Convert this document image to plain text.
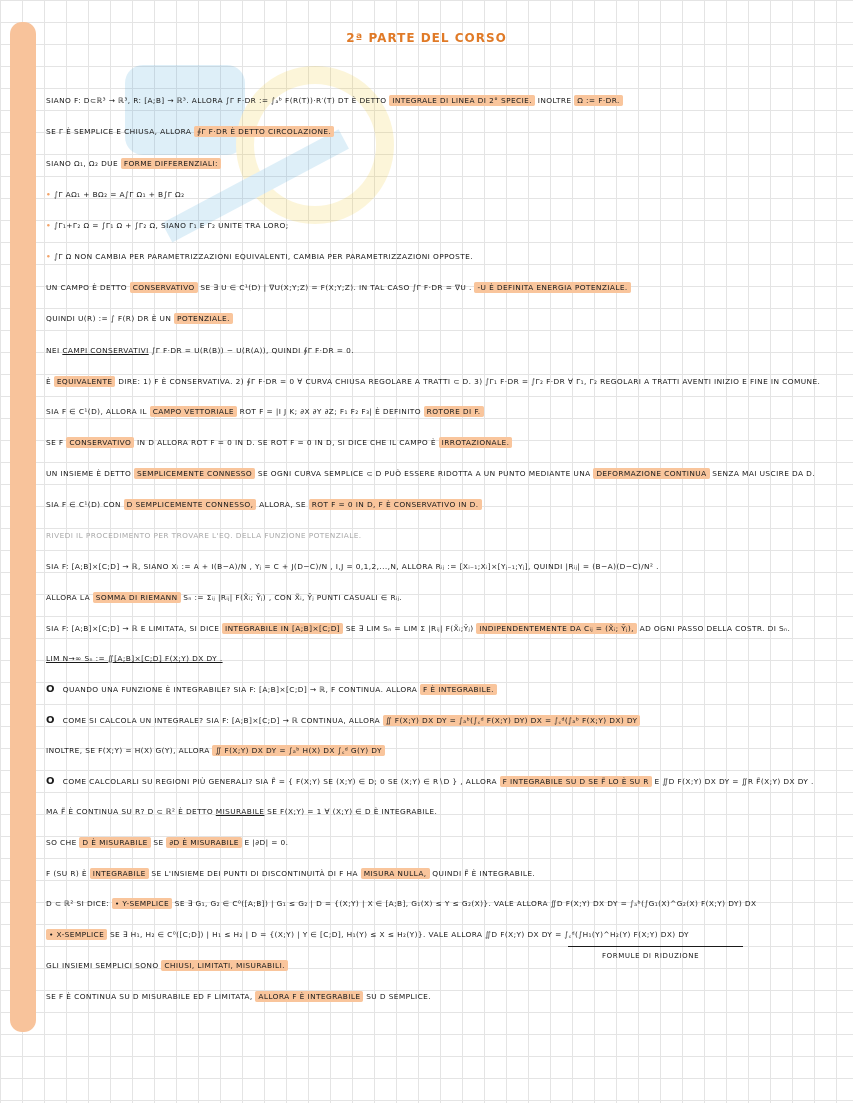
2ª PARTE DEL CORSO
SIANO F: D⊂ℝ³ → ℝ³, R: [A;B] → ℝ³. ALLORA ∫Γ F·DR := ∫ₐᵇ F(R(T))·R′(T) DT È DETTO INTEGRALE DI LINEA DI 2° SPECIE. INOLTRE Ω := F·DR.
SE Γ È SEMPLICE E CHIUSA, ALLORA ∮Γ F·DR È DETTO CIRCOLAZIONE.
SIANO Ω₁, Ω₂ DUE FORME DIFFERENZIALI:
• ∫Γ ΑΩ₁ + ΒΩ₂ = Α∫Γ Ω₁ + Β∫Γ Ω₂
• ∫Γ₁+Γ₂ Ω = ∫Γ₁ Ω + ∫Γ₂ Ω, SIANO Γ₁ E Γ₂ UNITE TRA LORO;
• ∫Γ Ω NON CAMBIA PER PARAMETRIZZAZIONI EQUIVALENTI, CAMBIA PER PARAMETRIZZAZIONI OPPOSTE.
UN CAMPO È DETTO CONSERVATIVO SE ∃ U ∈ C¹(D) | ∇U(X;Y;Z) = F(X;Y;Z). IN TAL CASO ∫Γ F·DR = ∇U . -U È DEFINITA ENERGIA POTENZIALE.
QUINDI U(R) := ∫ F(R) DR È UN POTENZIALE.
NEI CAMPI CONSERVATIVI ∫Γ F·DR = U(R(B)) − U(R(A)), QUINDI ∮Γ F·DR = 0.
È EQUIVALENTE DIRE: 1) F È CONSERVATIVA. 2) ∮Γ F·DR = 0 ∀ CURVA CHIUSA REGOLARE A TRATTI ⊂ D. 3) ∫Γ₁ F·DR = ∫Γ₂ F·DR ∀ Γ₁, Γ₂ REGOLARI A TRATTI AVENTI INIZIO E FINE IN COMUNE.
SIA F ∈ C¹(D), ALLORA IL CAMPO VETTORIALE ROT F = |I J K; ∂X ∂Y ∂Z; F₁ F₂ F₃| È DEFINITO ROTORE DI F.
SE F CONSERVATIVO IN D ALLORA ROT F = 0 IN D. SE ROT F = 0 IN D, SI DICE CHE IL CAMPO È IRROTAZIONALE.
UN INSIEME È DETTO SEMPLICEMENTE CONNESSO SE OGNI CURVA SEMPLICE ⊂ D PUÒ ESSERE RIDOTTA A UN PUNTO MEDIANTE UNA DEFORMAZIONE CONTINUA SENZA MAI USCIRE DA D.
SIA F ∈ C¹(D) CON D SEMPLICEMENTE CONNESSO, ALLORA, SE ROT F = 0 IN D, F È CONSERVATIVO IN D.
RIVEDI IL PROCEDIMENTO PER TROVARE L'EQ. DELLA FUNZIONE POTENZIALE.
SIA F: [A;B]×[C;D] → ℝ, SIANO Xᵢ := A + I(B−A)/N , Yⱼ = C + J(D−C)/N , I,J = 0,1,2,...,N, ALLORA Rᵢⱼ := [Xᵢ₋₁;Xᵢ]×[Yⱼ₋₁;Yⱼ], QUINDI |Rᵢⱼ| = (B−A)(D−C)/N² .
ALLORA LA SOMMA DI RIEMANN Sₙ := Σᵢⱼ |Rᵢⱼ| F(X̃ᵢ; Ỹⱼ) , CON X̃ᵢ, Ỹⱼ PUNTI CASUALI ∈ Rᵢⱼ.
SIA F: [A;B]×[C;D] → ℝ E LIMITATA, SI DICE INTEGRABILE IN [A;B]×[C;D] SE ∃ LIM Sₙ = LIM Σ |Rᵢⱼ| F(X̃ᵢ;Ỹⱼ) INDIPENDENTEMENTE DA Cᵢⱼ = (X̃ᵢ; Ỹⱼ), AD OGNI PASSO DELLA COSTR. DI Sₙ.
LIM N→∞ Sₙ := ∬[A;B]×[C;D] F(X;Y) DX DY .
O QUANDO UNA FUNZIONE È INTEGRABILE? SIA F: [A;B]×[C;D] → ℝ, F CONTINUA. ALLORA F È INTEGRABILE.
O COME SI CALCOLA UN INTEGRALE? SIA F: [A;B]×[C;D] → ℝ CONTINUA, ALLORA ∬ F(X;Y) DX DY = ∫ₐᵇ(∫꜀ᵈ F(X;Y) DY) DX = ∫꜀ᵈ(∫ₐᵇ F(X;Y) DX) DY
INOLTRE, SE F(X;Y) = H(X) G(Y), ALLORA ∬ F(X;Y) DX DY = ∫ₐᵇ H(X) DX ∫꜀ᵈ G(Y) DY
O COME CALCOLARLI SU REGIONI PIÙ GENERALI? SIA F̃ = { F(X;Y) SE (X;Y) ∈ D; 0 SE (X;Y) ∈ R∖D } , ALLORA F INTEGRABILE SU D SE F̃ LO È SU R E ∬D F(X;Y) DX DY = ∬R F̃(X;Y) DX DY .
MA F̃ È CONTINUA SU R? D ⊂ ℝ² È DETTO MISURABILE SE F(X;Y) = 1 ∀ (X;Y) ∈ D È INTEGRABILE.
SO CHE D È MISURABILE SE ∂D È MISURABILE E |∂D| = 0.
F (SU R) È INTEGRABILE SE L'INSIEME DEI PUNTI DI DISCONTINUITÀ DI F HA MISURA NULLA, QUINDI F̃ È INTEGRABILE.
D ⊂ ℝ² SI DICE: • Y-SEMPLICE SE ∃ G₁, G₂ ∈ C⁰([A;B]) | G₁ ≤ G₂ | D = {(X;Y) | X ∈ [A;B], G₁(X) ≤ Y ≤ G₂(X)}. VALE ALLORA ∬D F(X;Y) DX DY = ∫ₐᵇ(∫G₁(X)^G₂(X) F(X;Y) DY) DX
• X-SEMPLICE SE ∃ H₁, H₂ ∈ C⁰([C;D]) | H₁ ≤ H₂ | D = {(X;Y) | Y ∈ [C;D], H₁(Y) ≤ X ≤ H₂(Y)}. VALE ALLORA ∬D F(X;Y) DX DY = ∫꜀ᵈ(∫H₁(Y)^H₂(Y) F(X;Y) DX) DY
GLI INSIEMI SEMPLICI SONO CHIUSI, LIMITATI, MISURABILI.
SE F È CONTINUA SU D MISURABILE ED F LIMITATA, ALLORA F È INTEGRABILE SU D SEMPLICE.
FORMULE DI RIDUZIONE
